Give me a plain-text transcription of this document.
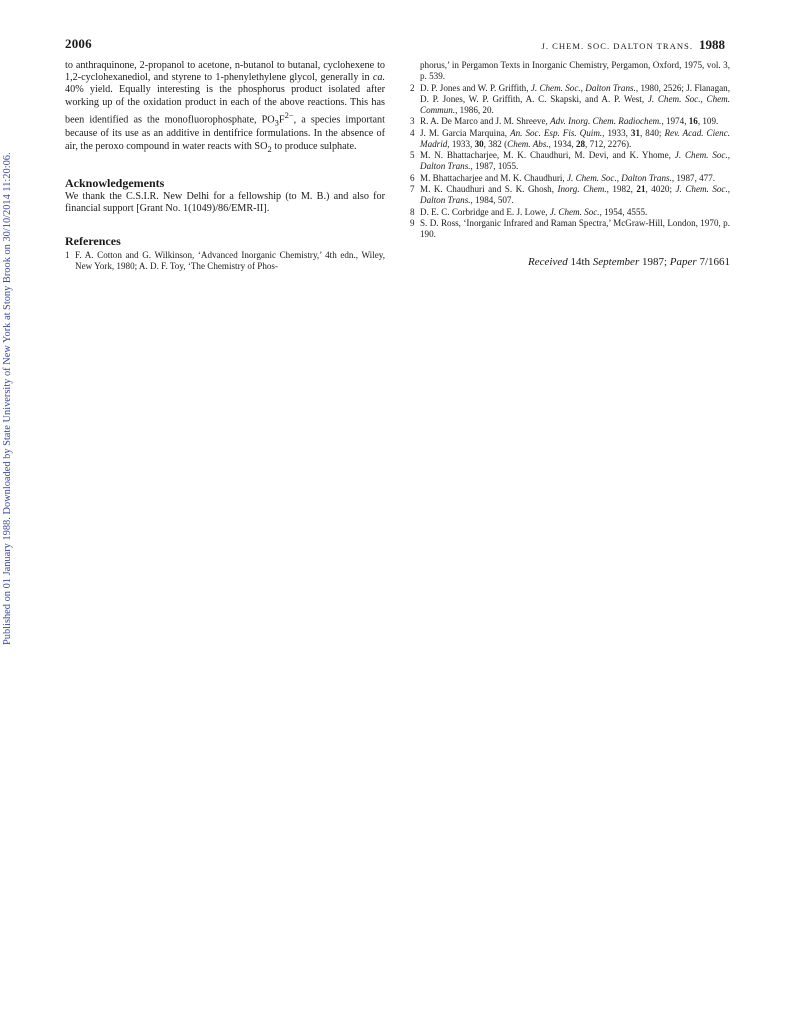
2006	J. CHEM. SOC. DALTON TRANS. 1988
Published on 01 January 1988. Downloaded by State University of New York at Stony Brook on 30/10/2014 11:20:06.

to anthraquinone, 2-propanol to acetone, n-butanol to butanal, cyclohexene to 1,2-cyclohexanediol, and styrene to 1-phenylethylene glycol, generally in ca. 40% yield. Equally interesting is the phosphorus product isolated after working up of the oxidation product in each of the above reactions. This has been identified as the monofluorophosphate, $PO_3F^{2-}$, a species important because of its use as an additive in dentifrice formulations. In the absence of air, the peroxo compound in water reacts with $SO_2$ to produce sulphate.

Acknowledgements

We thank the C.S.I.R. New Delhi for a fellowship (to M. B.) and also for financial support [Grant No. 1(1049)/86/EMR-II].

References
1 F. A. Cotton and G. Wilkinson, ‘Advanced Inorganic Chemistry,’ 4th edn., Wiley, New York, 1980; A. D. F. Toy, ‘The Chemistry of Phos-
phorus,’ in Pergamon Texts in Inorganic Chemistry, Pergamon, Oxford, 1975, vol. 3, p. 539.
2 D. P. Jones and W. P. Griffith, J. Chem. Soc., Dalton Trans., 1980, 2526; J. Flanagan, D. P. Jones, W. P. Griffith, A. C. Skapski, and A. P. West, J. Chem. Soc., Chem. Commun., 1986, 20.
3 R. A. De Marco and J. M. Shreeve, Adv. Inorg. Chem. Radiochem., 1974, 16, 109.
4 J. M. Garcia Marquina, An. Soc. Esp. Fis. Quim., 1933, 31, 840; Rev. Acad. Cienc. Madrid, 1933, 30, 382 (Chem. Abs., 1934, 28, 712, 2276).
5 M. N. Bhattacharjee, M. K. Chaudhuri, M. Devi, and K. Yhome, J. Chem. Soc., Dalton Trans., 1987, 1055.
6 M. Bhattacharjee and M. K. Chaudhuri, J. Chem. Soc., Dalton Trans., 1987, 477.
7 M. K. Chaudhuri and S. K. Ghosh, Inorg. Chem., 1982, 21, 4020; J. Chem. Soc., Dalton Trans., 1984, 507.
8 D. E. C. Corbridge and E. J. Lowe, J. Chem. Soc., 1954, 4555.
9 S. D. Ross, ‘Inorganic Infrared and Raman Spectra,’ McGraw-Hill, London, 1970, p. 190.
Received 14th September 1987; Paper 7/1661
